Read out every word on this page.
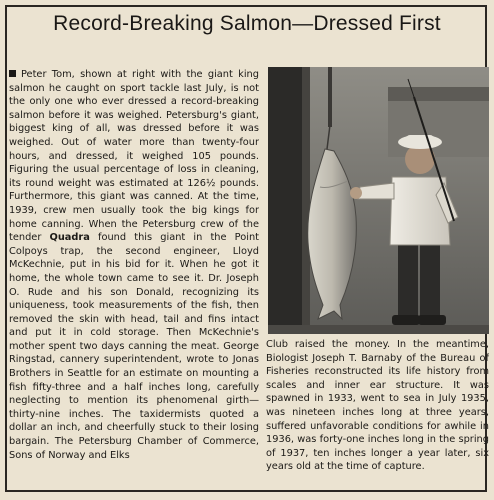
Record-Breaking Salmon—Dressed First
Peter Tom, shown at right with the giant king salmon he caught on sport tackle last July, is not the only one who ever dressed a record-breaking salmon before it was weighed. Petersburg's giant, biggest king of all, was dressed before it was weighed. Out of water more than twenty-four hours, and dressed, it weighed 105 pounds. Figuring the usual percentage of loss in cleaning, its round weight was estimated at 126½ pounds. Furthermore, this giant was canned. At the time, 1939, crew men usually took the big kings for home canning. When the Petersburg crew of the tender Quadra found this giant in the Point Colpoys trap, the second engineer, Lloyd McKechnie, put in his bid for it. When he got it home, the whole town came to see it. Dr. Joseph O. Rude and his son Donald, recognizing its uniqueness, took measurements of the fish, then removed the skin with head, tail and fins intact and put it in cold storage. Then McKechnie's mother spent two days canning the meat. George Ringstad, cannery superintendent, wrote to Jonas Brothers in Seattle for an estimate on mounting a fish fifty-three and a half inches long, carefully neglecting to mention its phenomenal girth—thirty-nine inches. The taxidermists quoted a dollar an inch, and cheerfully stuck to their losing bargain. The Petersburg Chamber of Commerce, Sons of Norway and Elks
Club raised the money. In the meantime, Biologist Joseph T. Barnaby of the Bureau of Fisheries reconstructed its life history from scales and inner ear structure. It was spawned in 1933, went to sea in July 1935, was nineteen inches long at three years, suffered unfavorable conditions for awhile in 1936, was forty-one inches long in the spring of 1937, ten inches longer a year later, six years old at the time of capture.
